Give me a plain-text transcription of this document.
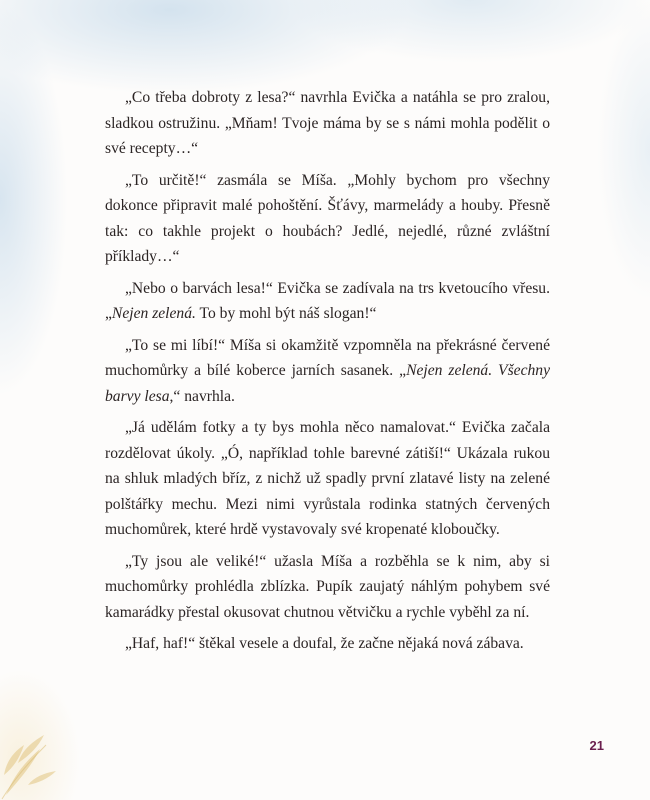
„Co třeba dobroty z lesa?“ navrhla Evička a natáhla se pro zralou, sladkou ostružinu. „Mňam! Tvoje máma by se s námi mohla podělit o své recepty…“

„To určitě!“ zasmála se Míša. „Mohly bychom pro všechny dokonce připravit malé pohoštění. Šťávy, marmelády a houby. Přesně tak: co takhle projekt o houbách? Jedlé, nejedlé, různé zvláštní příklady…“

„Nebo o barvách lesa!“ Evička se zadívala na trs kvetoucího vřesu. „Nejen zelená. To by mohl být náš slogan!“

„To se mi líbí!“ Míša si okamžitě vzpomněla na překrásné červené muchomůrky a bílé koberce jarních sasanek. „Nejen zelená. Všechny barvy lesa,“ navrhla.

„Já udělám fotky a ty bys mohla něco namalovat.“ Evička začala rozdělovat úkoly. „Ó, například tohle barevné zátiší!“ Ukázala rukou na shluk mladých bříz, z nichž už spadly první zlatavé listy na zelené polštářky mechu. Mezi nimi vyrůstala rodinka statných červených muchomůrek, které hrdě vystavovaly své kropenaté kloboučky.

„Ty jsou ale veliké!“ užasla Míša a rozběhla se k nim, aby si muchomůrky prohlédla zblízka. Pupík zaujatý náhlým pohybem své kamarádky přestal okusovat chutnou větvičku a rychle vyběhl za ní.

„Haf, haf!“ štěkal vesele a doufal, že začne nějaká nová zábava.

21
